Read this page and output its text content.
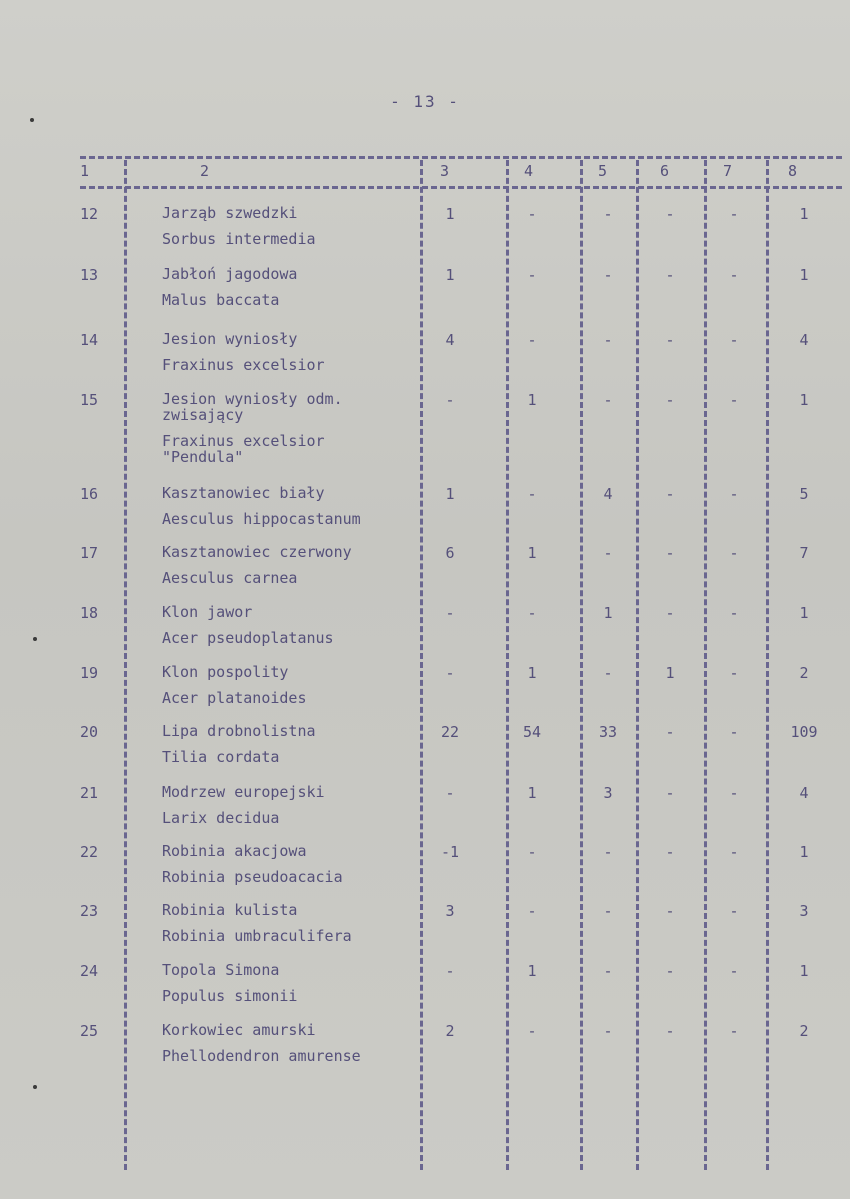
- 13 -
1	2	3	4	5	6	7	8
12	Jarząb szwedzki
Sorbus intermedia
1	-	-	-	-	1
13	Jabłoń jagodowa
Malus baccata
1	-	-	-	-	1
14	Jesion wyniosły
Fraxinus excelsior
4	-	-	-	-	4
15	Jesion wyniosły odm.
zwisający
Fraxinus excelsior
"Pendula"
-	1	-	-	-	1
16	Kasztanowiec biały
Aesculus hippocastanum
1	-	4	-	-	5
17	Kasztanowiec czerwony
Aesculus carnea
6	1	-	-	-	7
18	Klon jawor
Acer pseudoplatanus
-	-	1	-	-	1
19	Klon pospolity
Acer platanoides
-	1	-	1	-	2
20	Lipa drobnolistna
Tilia cordata
22	54	33	-	-	109
21	Modrzew europejski
Larix decidua
-	1	3	-	-	4
22	Robinia akacjowa
Robinia pseudoacacia
-1	-	-	-	-	1
23	Robinia kulista
Robinia umbraculifera
3	-	-	-	-	3
24	Topola Simona
Populus simonii
-	1	-	-	-	1
25	Korkowiec amurski
Phellodendron amurense
2	-	-	-	-	2
